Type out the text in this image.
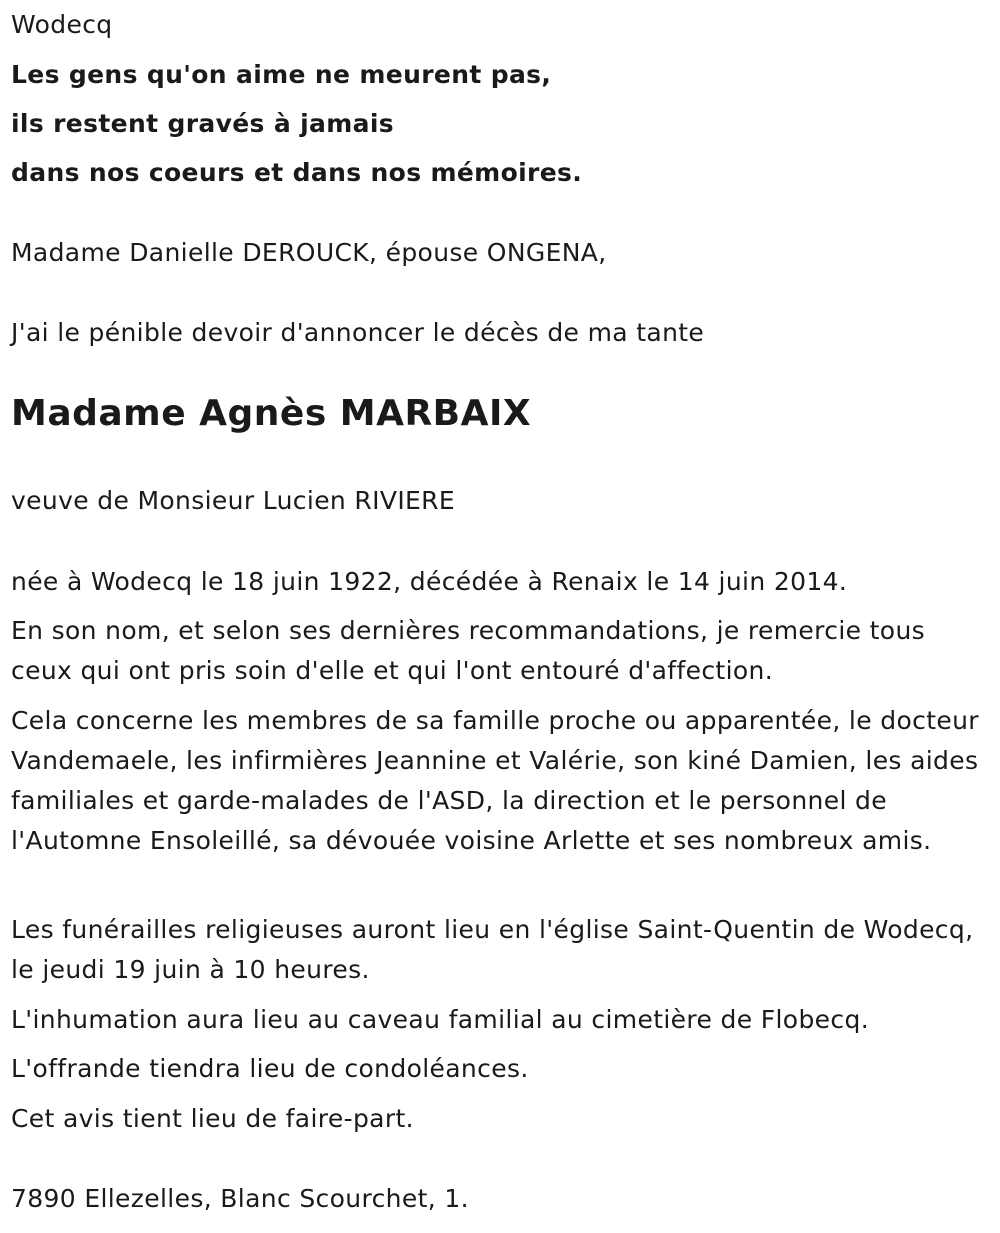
Wodecq

Les gens qu'on aime ne meurent pas,

ils restent gravés à jamais

dans nos coeurs et dans nos mémoires.

Madame Danielle DEROUCK, épouse ONGENA,

J'ai le pénible devoir d'annoncer le décès de ma tante

Madame Agnès MARBAIX

veuve de Monsieur Lucien RIVIERE

née à Wodecq le 18 juin 1922, décédée à Renaix le 14 juin 2014.

En son nom, et selon ses dernières recommandations, je remercie tous ceux qui ont pris soin d'elle et qui l'ont entouré d'affection.

Cela concerne les membres de sa famille proche ou apparentée, le docteur Vandemaele, les infirmières Jeannine et Valérie, son kiné Damien, les aides familiales et garde-malades de l'ASD, la direction et le personnel de l'Automne Ensoleillé, sa dévouée voisine Arlette et ses nombreux amis.

Les funérailles religieuses auront lieu en l'église Saint-Quentin de Wodecq, le jeudi 19 juin à 10 heures.

L'inhumation aura lieu au caveau familial au cimetière de Flobecq.

L'offrande tiendra lieu de condoléances.

Cet avis tient lieu de faire-part.

7890 Ellezelles, Blanc Scourchet, 1.
